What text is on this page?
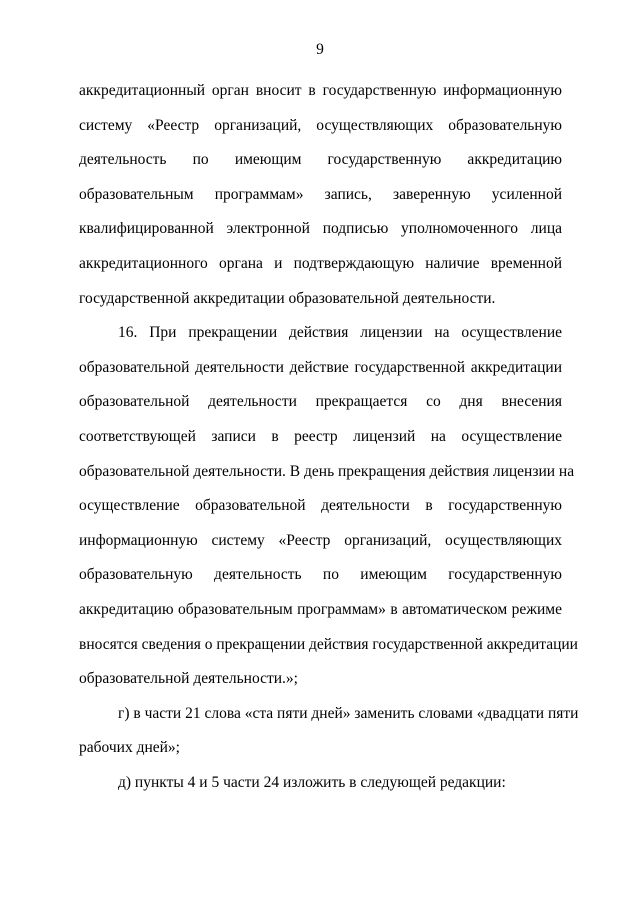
9

аккредитационный орган вносит в государственную информационную
систему «Реестр организаций, осуществляющих образовательную
деятельность по имеющим государственную аккредитацию
образовательным программам» запись, заверенную усиленной
квалифицированной электронной подписью уполномоченного лица
аккредитационного органа и подтверждающую наличие временной
государственной аккредитации образовательной деятельности.

16. При прекращении действия лицензии на осуществление
образовательной деятельности действие государственной аккредитации
образовательной деятельности прекращается со дня внесения
соответствующей записи в реестр лицензий на осуществление
образовательной деятельности. В день прекращения действия лицензии на
осуществление образовательной деятельности в государственную
информационную систему «Реестр организаций, осуществляющих
образовательную деятельность по имеющим государственную
аккредитацию образовательным программам» в автоматическом режиме
вносятся сведения о прекращении действия государственной аккредитации
образовательной деятельности.»;

г) в части 21 слова «ста пяти дней» заменить словами «двадцати пяти
рабочих дней»;

д) пункты 4 и 5 части 24 изложить в следующей редакции:
